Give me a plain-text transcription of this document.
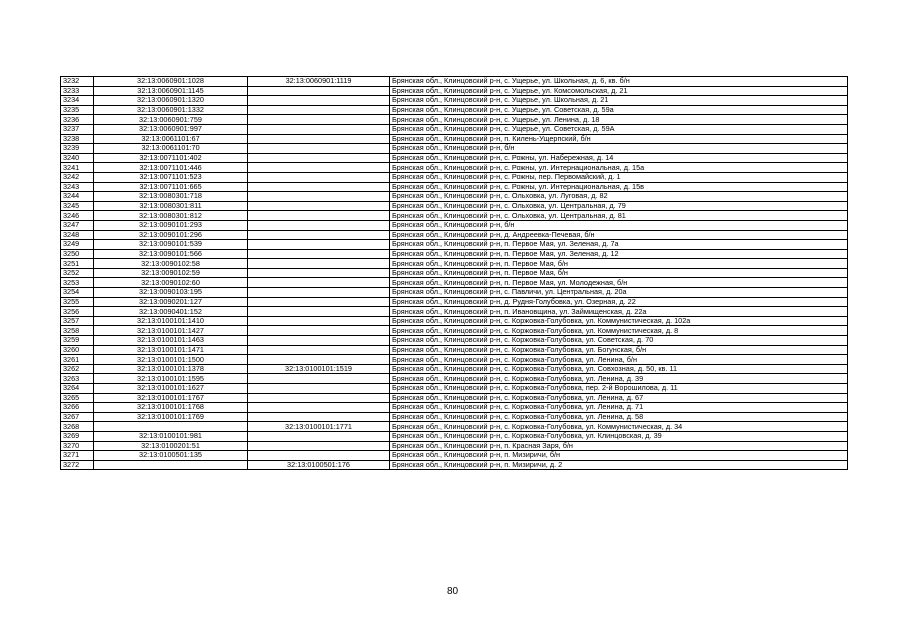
3232	32:13:0060901:1028	32:13:0060901:1119	Брянская обл., Клинцовский р-н, с. Ущерье, ул. Школьная, д. 6, кв. б/н
3233	32:13:0060901:1145		Брянская обл., Клинцовский р-н, с. Ущерье, ул. Комсомольская, д. 21
3234	32:13:0060901:1320		Брянская обл., Клинцовский р-н, с. Ущерье, ул. Школьная, д. 21
3235	32:13:0060901:1332		Брянская обл., Клинцовский р-н, с. Ущерье, ул. Советская, д. 59а
3236	32:13:0060901:759		Брянская обл., Клинцовский р-н, с. Ущерье, ул. Ленина, д. 18
3237	32:13:0060901:997		Брянская обл., Клинцовский р-н, с. Ущерье, ул. Советская, д. 59А
3238	32:13:0061101:67		Брянская обл., Клинцовский р-н, п. Килень-Ущерпский, б/н
3239	32:13:0061101:70		Брянская обл., Клинцовский р-н, б/н
3240	32:13:0071101:402		Брянская обл., Клинцовский р-н, с. Рожны, ул. Набережная, д. 14
3241	32:13:0071101:446		Брянская обл., Клинцовский р-н, с. Рожны, ул. Интернациональная, д. 15а
3242	32:13:0071101:523		Брянская обл., Клинцовский р-н, с. Рожны, пер. Первомайский, д. 1
3243	32:13:0071101:665		Брянская обл., Клинцовский р-н, с. Рожны, ул. Интернациональная, д. 15в
3244	32:13:0080301:718		Брянская обл., Клинцовский р-н, с. Ольховка, ул. Луговая, д. 82
3245	32:13:0080301:811		Брянская обл., Клинцовский р-н, с. Ольховка, ул. Центральная, д. 79
3246	32:13:0080301:812		Брянская обл., Клинцовский р-н, с. Ольховка, ул. Центральная, д. 81
3247	32:13:0090101:293		Брянская обл., Клинцовский р-н, б/н
3248	32:13:0090101:296		Брянская обл., Клинцовский р-н, д. Андреевка-Печевая, б/н
3249	32:13:0090101:539		Брянская обл., Клинцовский р-н, п. Первое Мая, ул. Зеленая, д. 7а
3250	32:13:0090101:566		Брянская обл., Клинцовский р-н, п. Первое Мая, ул. Зеленая, д. 12
3251	32:13:0090102:58		Брянская обл., Клинцовский р-н, п. Первое Мая, б/н
3252	32:13:0090102:59		Брянская обл., Клинцовский р-н, п. Первое Мая, б/н
3253	32:13:0090102:60		Брянская обл., Клинцовский р-н, п. Первое Мая, ул. Молодежная, б/н
3254	32:13:0090103:195		Брянская обл., Клинцовский р-н, с. Павличи, ул. Центральная, д. 20а
3255	32:13:0090201:127		Брянская обл., Клинцовский р-н, д. Рудня-Голубовка, ул. Озерная, д. 22
3256	32:13:0090401:152		Брянская обл., Клинцовский р-н, п. Ивановщина, ул. Займищенская, д. 22а
3257	32:13:0100101:1410		Брянская обл., Клинцовский р-н, с. Коржовка-Голубовка, ул. Коммунистическая, д. 102а
3258	32:13:0100101:1427		Брянская обл., Клинцовский р-н, с. Коржовка-Голубовка, ул. Коммунистическая, д. 8
3259	32:13:0100101:1463		Брянская обл., Клинцовский р-н, с. Коржовка-Голубовка, ул. Советская, д. 70
3260	32:13:0100101:1471		Брянская обл., Клинцовский р-н, с. Коржовка-Голубовка, ул. Богунская, б/н
3261	32:13:0100101:1500		Брянская обл., Клинцовский р-н, с. Коржовка-Голубовка, ул. Ленина, б/н
3262	32:13:0100101:1378	32:13:0100101:1519	Брянская обл., Клинцовский р-н, с. Коржовка-Голубовка, ул. Совхозная, д. 50, кв. 11
3263	32:13:0100101:1595		Брянская обл., Клинцовский р-н, с. Коржовка-Голубовка, ул. Ленина, д. 39
3264	32:13:0100101:1627		Брянская обл., Клинцовский р-н, с. Коржовка-Голубовка, пер. 2-й Ворошилова, д. 11
3265	32:13:0100101:1767		Брянская обл., Клинцовский р-н, с. Коржовка-Голубовка, ул. Ленина, д. 67
3266	32:13:0100101:1768		Брянская обл., Клинцовский р-н, с. Коржовка-Голубовка, ул. Ленина, д. 71
3267	32:13:0100101:1769		Брянская обл., Клинцовский р-н, с. Коржовка-Голубовка, ул. Ленина, д. 58
3268		32:13:0100101:1771	Брянская обл., Клинцовский р-н, с. Коржовка-Голубовка, ул. Коммунистическая, д. 34
3269	32:13:0100101:981		Брянская обл., Клинцовский р-н, с. Коржовка-Голубовка, ул. Клинцовская, д. 39
3270	32:13:0100201:51		Брянская обл., Клинцовский р-н, п. Красная Заря, б/н
3271	32:13:0100501:135		Брянская обл., Клинцовский р-н, п. Мизиричи, б/н
3272		32:13:0100501:176	Брянская обл., Клинцовский р-н, п. Мизиричи, д. 2
80
